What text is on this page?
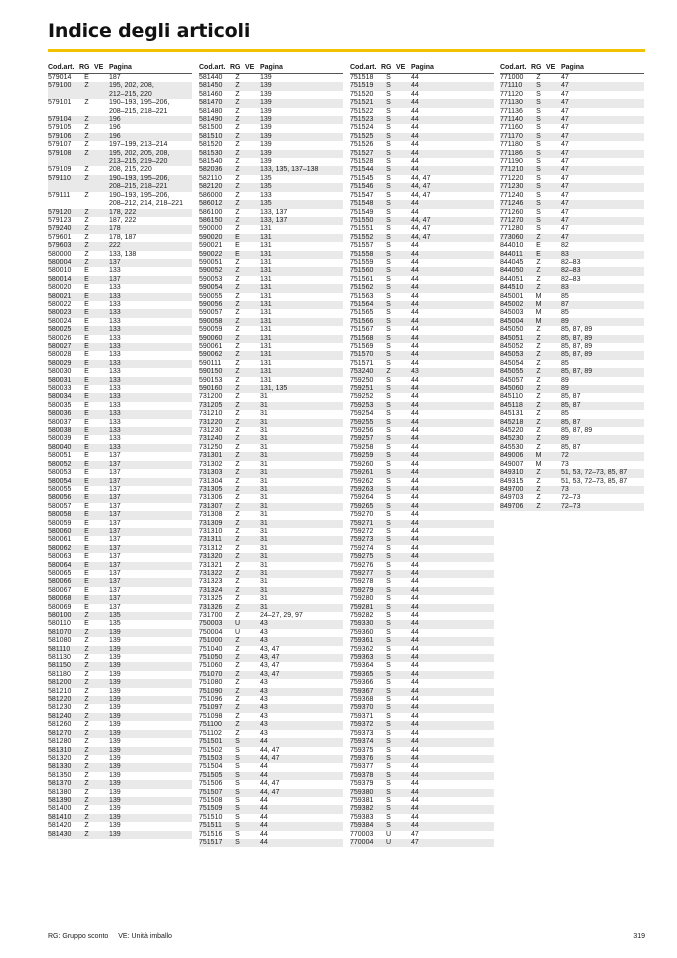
Indice degli articoli
Cod.art. RG VE Pagina
579014	E	187
579100	Z	195, 202, 208,
212–215, 220
579101	Z	190–193, 195–206,
208–215, 218–221
579104	Z	196
579105	Z	196
579106	Z	196
579107	Z	197–199, 213–214
579108	Z	195, 202, 205, 208,
213–215, 219–220
579109	Z	208, 215, 220
579110	Z	190–193, 195–206,
208–215, 218–221
579111	Z	190–193, 195–206,
208–212, 214, 218–221
579120	Z	178, 222
579123	Z	187, 222
579240	Z	178
579601	Z	178, 187
579603	Z	222
580000	Z	133, 138
580004	Z	137
580010	E	133
580014	E	137
580020	E	133
580021	E	133
580022	E	133
580023	E	133
580024	E	133
580025	E	133
580026	E	133
580027	E	133
580028	E	133
580029	E	133
580030	E	133
580031	E	133
580033	E	133
580034	E	133
580035	E	133
580036	E	133
580037	E	133
580038	E	133
580039	E	133
580040	E	133
580051	E	137
580052	E	137
580053	E	137
580054	E	137
580055	E	137
580056	E	137
580057	E	137
580058	E	137
580059	E	137
580060	E	137
580061	E	137
580062	E	137
580063	E	137
580064	E	137
580065	E	137
580066	E	137
580067	E	137
580068	E	137
580069	E	137
580100	Z	135
580110	E	135
581070	Z	139
581080	Z	139
581110	Z	139
581130	Z	139
581150	Z	139
581180	Z	139
581200	Z	139
581210	Z	139
581220	Z	139
581230	Z	139
581240	Z	139
581260	Z	139
581270	Z	139
581280	Z	139
581310	Z	139
581320	Z	139
581330	Z	139
581350	Z	139
581370	Z	139
581380	Z	139
581390	Z	139
581400	Z	139
581410	Z	139
581420	Z	139
581430	Z	139
Cod.art. RG VE Pagina
581440	Z	139
581450	Z	139
581460	Z	139
581470	Z	139
581480	Z	139
581490	Z	139
581500	Z	139
581510	Z	139
581520	Z	139
581530	Z	139
581540	Z	139
582036	Z	133, 135, 137–138
582110	Z	135
582120	Z	135
586000	Z	133
586012	Z	135
586100	Z	133, 137
586150	Z	133, 137
590000	Z	131
590020	E	131
590021	E	131
590022	E	131
590051	Z	131
590052	Z	131
590053	Z	131
590054	Z	131
590055	Z	131
590056	Z	131
590057	Z	131
590058	Z	131
590059	Z	131
590060	Z	131
590061	Z	131
590062	Z	131
590111	Z	131
590150	Z	131
590153	Z	131
590160	Z	131, 135
731200	Z	31
731205	Z	31
731210	Z	31
731220	Z	31
731230	Z	31
731240	Z	31
731250	Z	31
731301	Z	31
731302	Z	31
731303	Z	31
731304	Z	31
731305	Z	31
731306	Z	31
731307	Z	31
731308	Z	31
731309	Z	31
731310	Z	31
731311	Z	31
731312	Z	31
731320	Z	31
731321	Z	31
731322	Z	31
731323	Z	31
731324	Z	31
731325	Z	31
731326	Z	31
731700	Z	24–27, 29, 97
750003	U	43
750004	U	43
751000	Z	43
751040	Z	43, 47
751050	Z	43, 47
751060	Z	43, 47
751070	Z	43, 47
751080	Z	43
751090	Z	43
751096	Z	43
751097	Z	43
751098	Z	43
751100	Z	43
751102	Z	43
751501	S	44
751502	S	44, 47
751503	S	44, 47
751504	S	44
751505	S	44
751506	S	44, 47
751507	S	44, 47
751508	S	44
751509	S	44
751510	S	44
751511	S	44
751516	S	44
751517	S	44
Cod.art. RG VE Pagina
751518	S	44
751519	S	44
751520	S	44
751521	S	44
751522	S	44
751523	S	44
751524	S	44
751525	S	44
751526	S	44
751527	S	44
751528	S	44
751544	S	44
751545	S	44, 47
751546	S	44, 47
751547	S	44, 47
751548	S	44
751549	S	44
751550	S	44, 47
751551	S	44, 47
751552	S	44, 47
751557	S	44
751558	S	44
751559	S	44
751560	S	44
751561	S	44
751562	S	44
751563	S	44
751564	S	44
751565	S	44
751566	S	44
751567	S	44
751568	S	44
751569	S	44
751570	S	44
751571	S	44
753240	Z	43
759250	S	44
759251	S	44
759252	S	44
759253	S	44
759254	S	44
759255	S	44
759256	S	44
759257	S	44
759258	S	44
759259	S	44
759260	S	44
759261	S	44
759262	S	44
759263	S	44
759264	S	44
759265	S	44
759270	S	44
759271	S	44
759272	S	44
759273	S	44
759274	S	44
759275	S	44
759276	S	44
759277	S	44
759278	S	44
759279	S	44
759280	S	44
759281	S	44
759282	S	44
759330	S	44
759360	S	44
759361	S	44
759362	S	44
759363	S	44
759364	S	44
759365	S	44
759366	S	44
759367	S	44
759368	S	44
759370	S	44
759371	S	44
759372	S	44
759373	S	44
759374	S	44
759375	S	44
759376	S	44
759377	S	44
759378	S	44
759379	S	44
759380	S	44
759381	S	44
759382	S	44
759383	S	44
759384	S	44
770003	U	47
770004	U	47
Cod.art. RG VE Pagina
771000	Z	47
771110	S	47
771120	S	47
771130	S	47
771136	S	47
771140	S	47
771160	S	47
771170	S	47
771180	S	47
771186	S	47
771190	S	47
771210	S	47
771220	S	47
771230	S	47
771240	S	47
771246	S	47
771260	S	47
771270	S	47
771280	S	47
773060	Z	47
844010	E	82
844011	E	83
844045	Z	82–83
844050	Z	82–83
844051	Z	82–83
844510	Z	83
845001	M	85
845002	M	87
845003	M	85
845004	M	89
845050	Z	85, 87, 89
845051	Z	85, 87, 89
845052	Z	85, 87, 89
845053	Z	85, 87, 89
845054	Z	85
845055	Z	85, 87, 89
845057	Z	89
845060	Z	89
845110	Z	85, 87
845118	Z	85, 87
845131	Z	85
845218	Z	85, 87
845220	Z	85, 87, 89
845230	Z	89
845530	Z	85, 87
849006	M	72
849007	M	73
849310	Z	51, 53, 72–73, 85, 87
849315	Z	51, 53, 72–73, 85, 87
849700	Z	73
849703	Z	72–73
849706	Z	72–73
RG: Gruppo sconto VE: Unità imballo	319
